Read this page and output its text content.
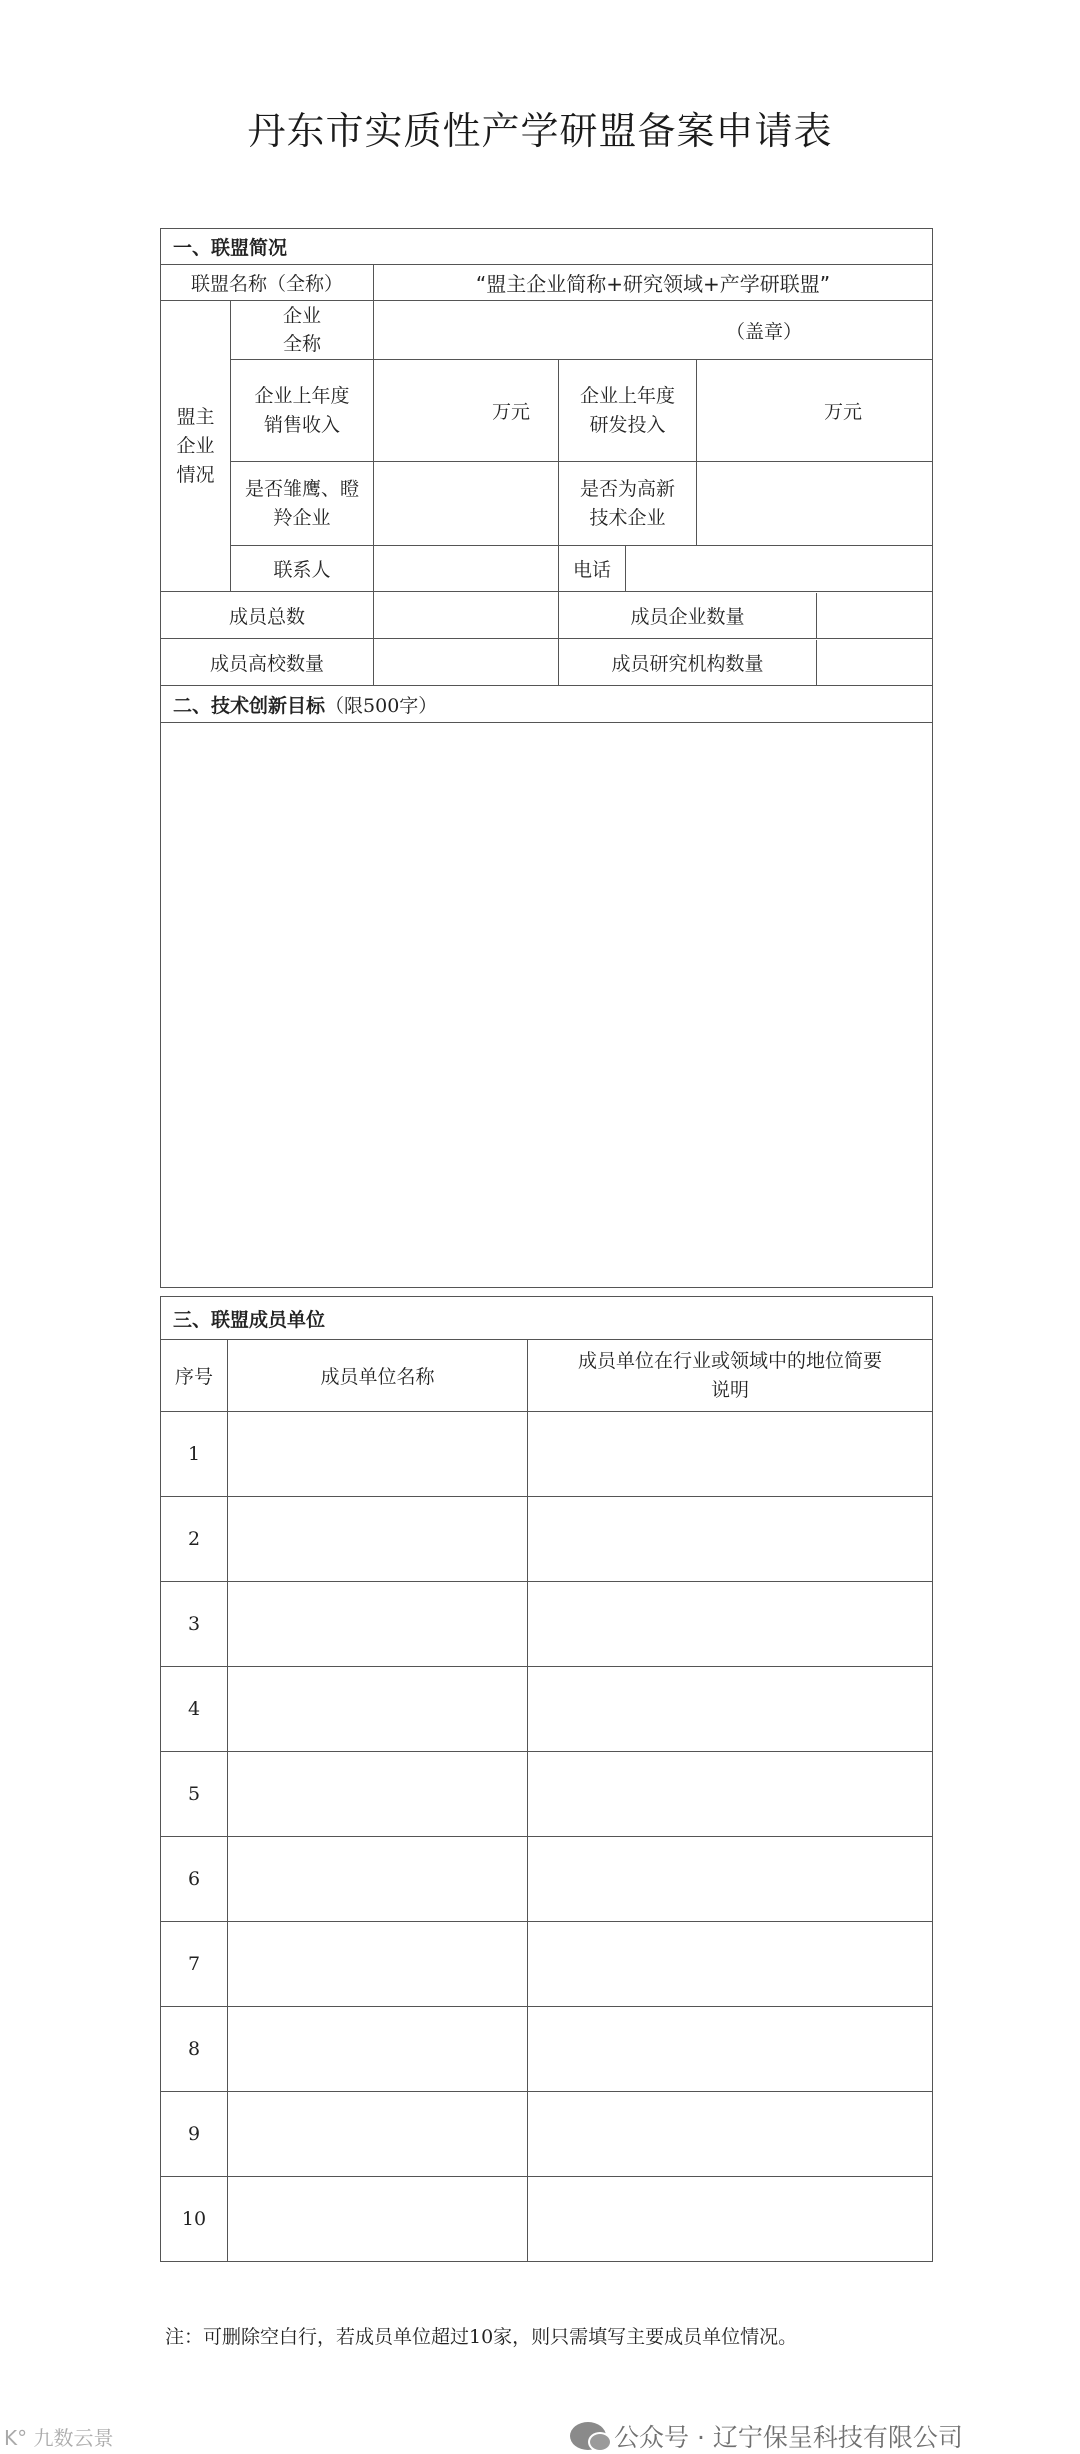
丹东市实质性产学研盟备案申请表
一、联盟简况						
联盟名称（全称）		“盟主企业简称+研究领域+产学研联盟”				
盟主企业情况	企业全称	（盖章）				
	企业上年度销售收入	万元	企业上年度研发投入		万元	
	是否雏鹰、瞪羚企业		是否为高新技术企业			
	联系人		电话		

成员总数			成员企业数量			

成员高校数量			成员研究机构数量			

二、技术创新目标（限500字）						

三、联盟成员单位		
序号	成员单位名称	成员单位在行业或领域中的地位简要说明
1		
2		
3		
4		
5		
6		
7		
8		
9		
10		
注：可删除空白行，若成员单位超过10家，则只需填写主要成员单位情况。
K° 九数云景	公众号 · 辽宁保呈科技有限公司
